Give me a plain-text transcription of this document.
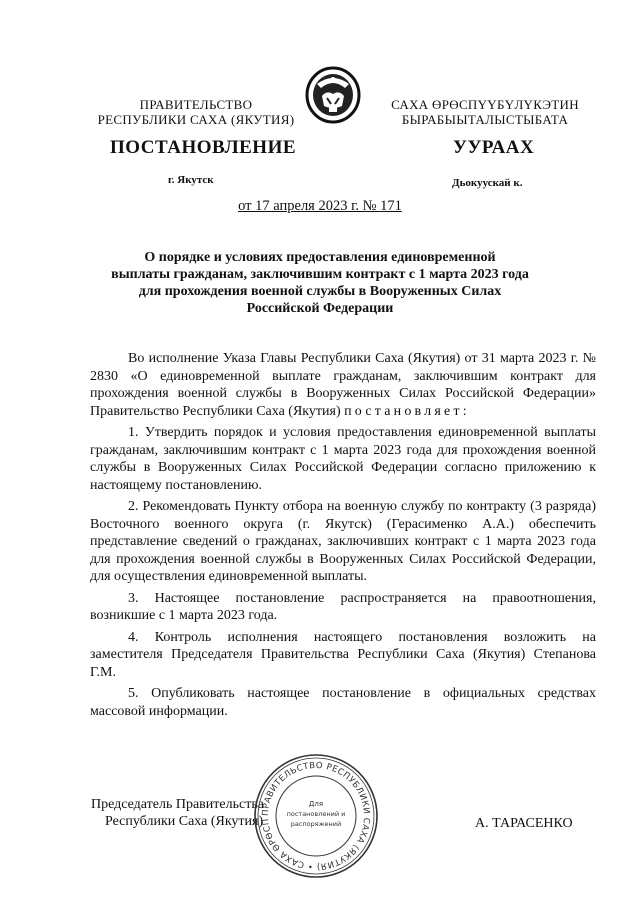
ПРАВИТЕЛЬСТВО
РЕСПУБЛИКИ САХА (ЯКУТИЯ)
САХА ӨРӨСПҮҮБҮЛҮКЭТИН
БЫРАБЫЫТАЛЫСТЫБАТА
ПОСТАНОВЛЕНИЕ	УУРААХ
г. Якутск	Дьокуускай к.
от 17 апреля 2023 г. № 171
О порядке и условиях предоставления единовременной
выплаты гражданам, заключившим контракт с 1 марта 2023 года
для прохождения военной службы в Вооруженных Силах
Российской Федерации

Во исполнение Указа Главы Республики Саха (Якутия) от 31 марта 2023 г. № 2830 «О единовременной выплате гражданам, заключившим контракт для прохождения военной службы в Вооруженных Силах Российской Федерации» Правительство Республики Саха (Якутия) постановляет:

1. Утвердить порядок и условия предоставления единовременной выплаты гражданам, заключившим контракт с 1 марта 2023 года для прохождения военной службы в Вооруженных Силах Российской Федерации согласно приложению к настоящему постановлению.

2. Рекомендовать Пункту отбора на военную службу по контракту (3 разряда) Восточного военного округа (г. Якутск) (Герасименко А.А.) обеспечить представление сведений о гражданах, заключивших контракт с 1 марта 2023 года для прохождения военной службы в Вооруженных Силах Российской Федерации, для осуществления единовременной выплаты.

3. Настоящее постановление распространяется на правоотношения, возникшие с 1 марта 2023 года.

4. Контроль исполнения настоящего постановления возложить на заместителя Председателя Правительства Республики Саха (Якутия) Степанова Г.М.

5. Опубликовать настоящее постановление в официальных средствах массовой информации.

Председатель Правительства
Республики Саха (Якутия)	А. ТАРАСЕНКО
ПРАВИТЕЛЬСТВО РЕСПУБЛИКИ САХА (ЯКУТИЯ) • САХА ӨРӨСП
Для
постановлений и
распоряжений
